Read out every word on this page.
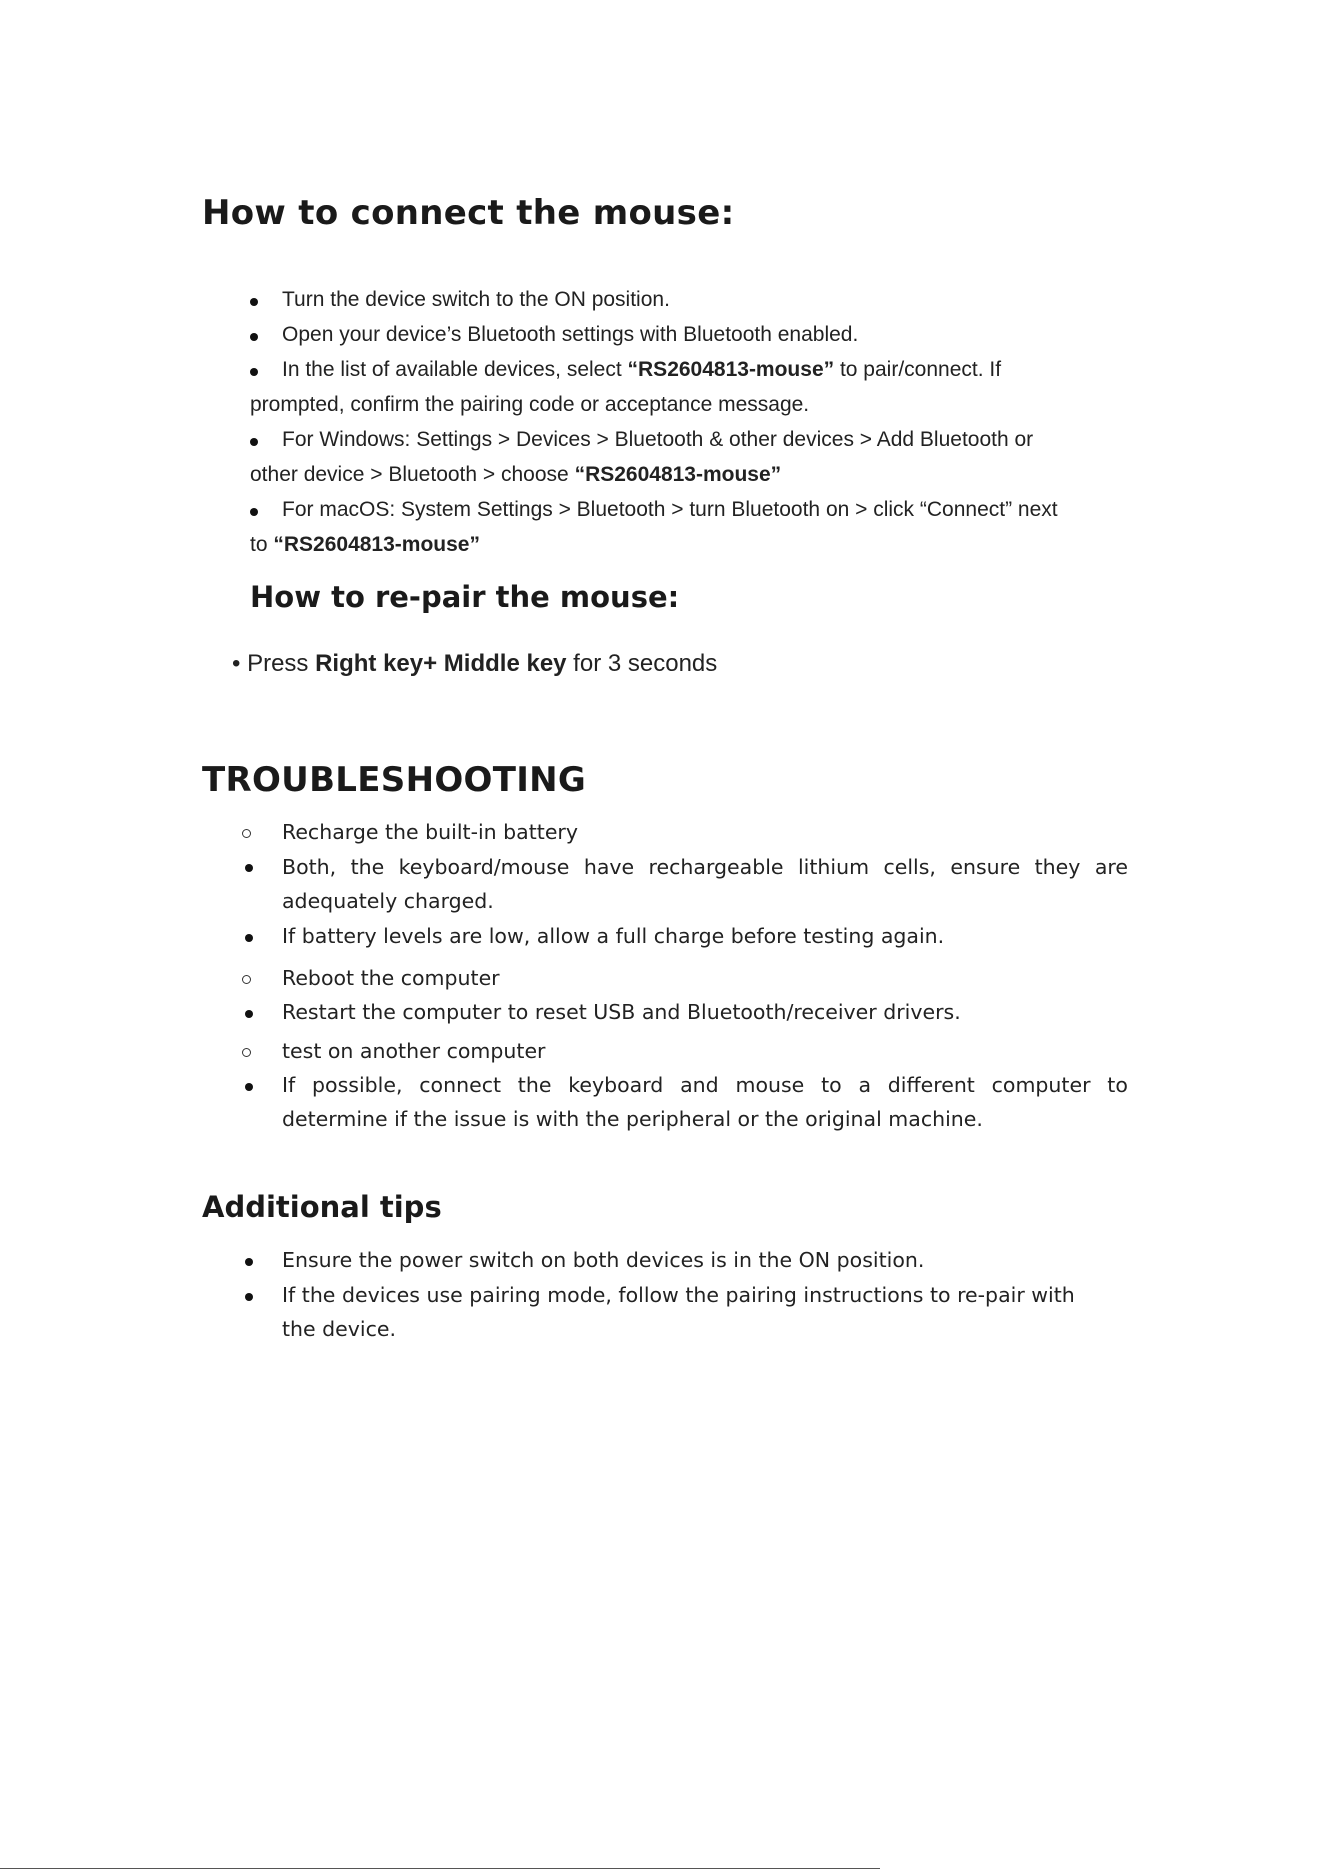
How to connect the mouse:
Turn the device switch to the ON position.
Open your device’s Bluetooth settings with Bluetooth enabled.
In the list of available devices, select “RS2604813-mouse” to pair/connect. If
prompted, confirm the pairing code or acceptance message.
For Windows: Settings > Devices > Bluetooth & other devices > Add Bluetooth or
other device > Bluetooth > choose “RS2604813-mouse”
For macOS: System Settings > Bluetooth > turn Bluetooth on > click “Connect” next
to “RS2604813-mouse”
How to re-pair the mouse:
• Press Right key+ Middle key for 3 seconds
TROUBLESHOOTING
Recharge the built-in battery
Both, the keyboard/mouse have rechargeable lithium cells, ensure they are
adequately charged.
If battery levels are low, allow a full charge before testing again.
Reboot the computer
Restart the computer to reset USB and Bluetooth/receiver drivers.
test on another computer
If possible, connect the keyboard and mouse to a different computer to
determine if the issue is with the peripheral or the original machine.
Additional tips
Ensure the power switch on both devices is in the ON position.
If the devices use pairing mode, follow the pairing instructions to re-pair with
the device.
